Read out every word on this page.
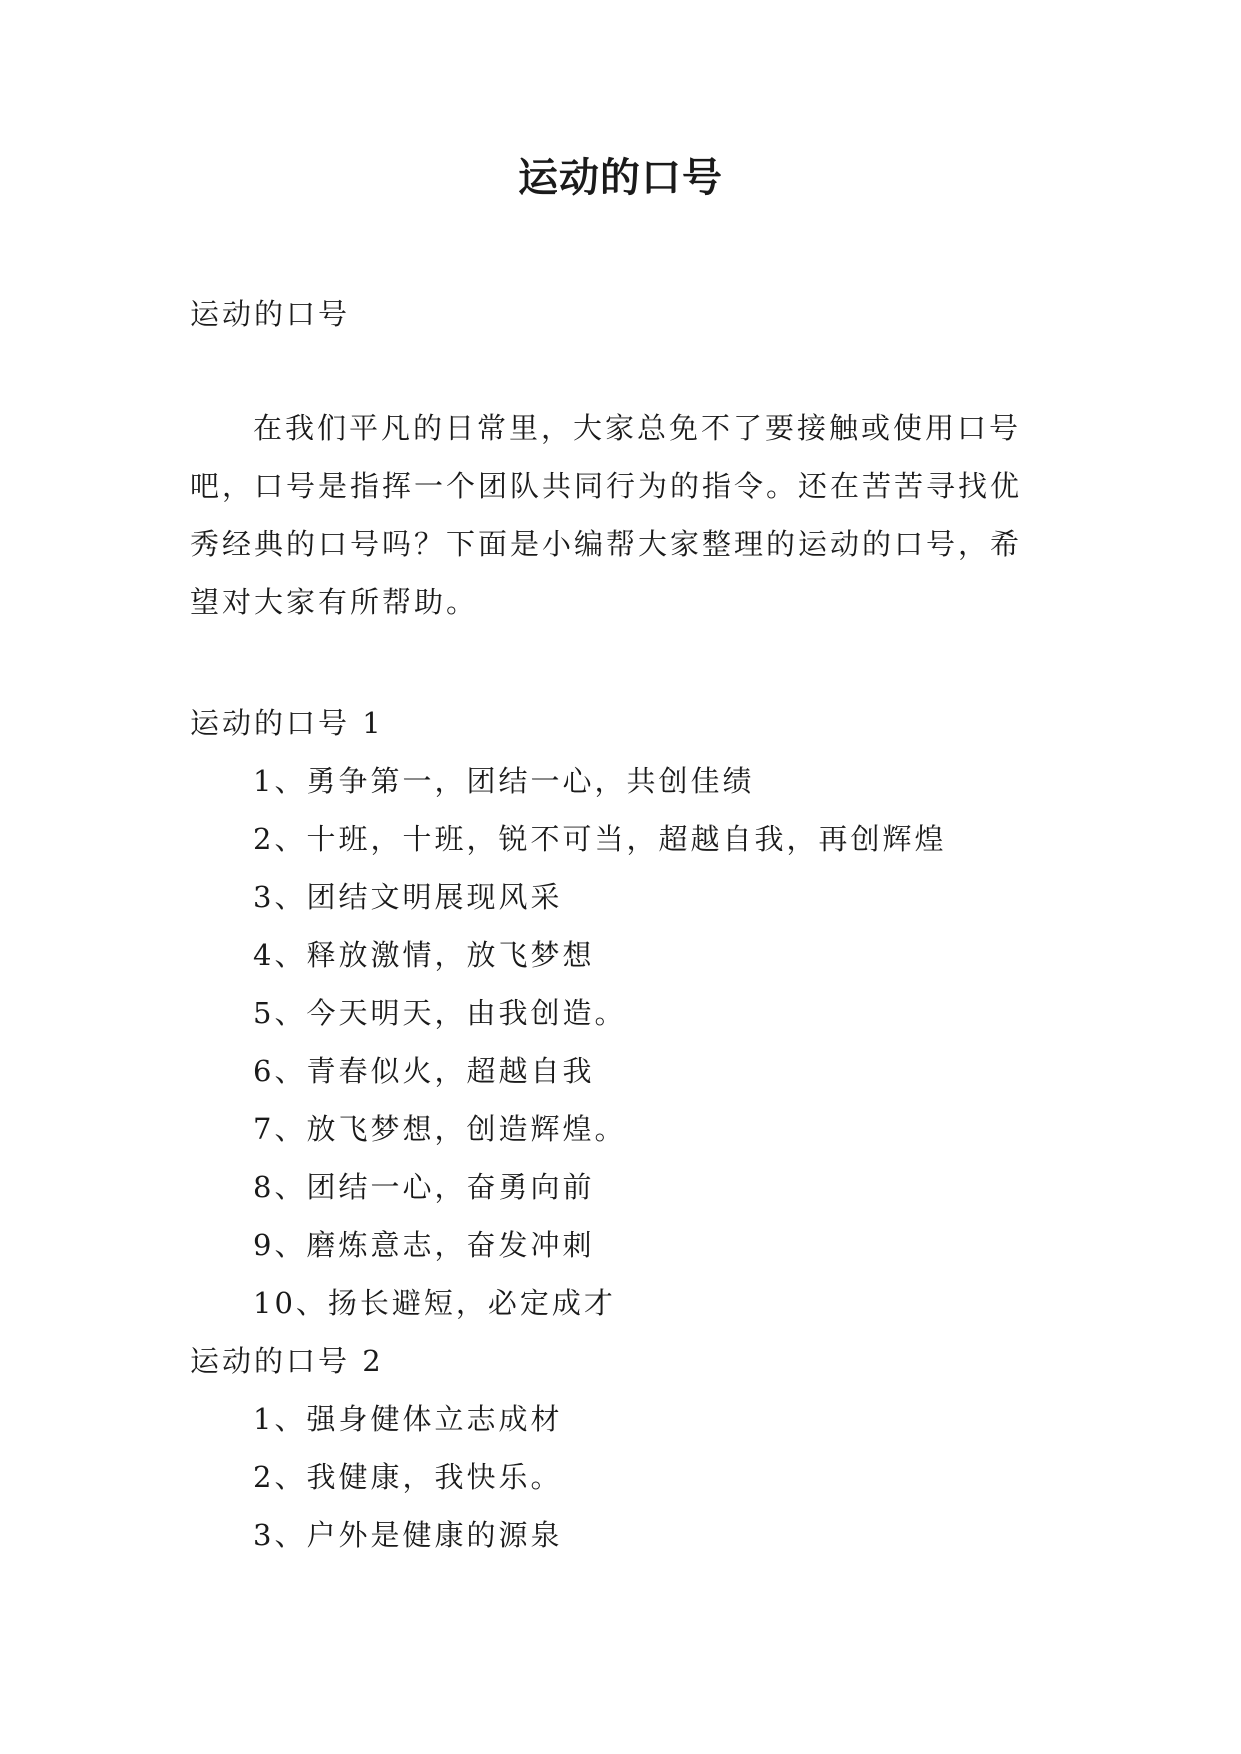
运动的口号
运动的口号
在我们平凡的日常里，大家总免不了要接触或使用口号
吧，口号是指挥一个团队共同行为的指令。还在苦苦寻找优
秀经典的口号吗？下面是小编帮大家整理的运动的口号，希
望对大家有所帮助。
运动的口号 1
1、勇争第一，团结一心，共创佳绩
2、十班，十班，锐不可当，超越自我，再创辉煌
3、团结文明展现风采
4、释放激情，放飞梦想
5、今天明天，由我创造。
6、青春似火，超越自我
7、放飞梦想，创造辉煌。
8、团结一心，奋勇向前
9、磨炼意志，奋发冲刺
10、扬长避短，必定成才
运动的口号 2
1、强身健体立志成材
2、我健康，我快乐。
3、户外是健康的源泉
